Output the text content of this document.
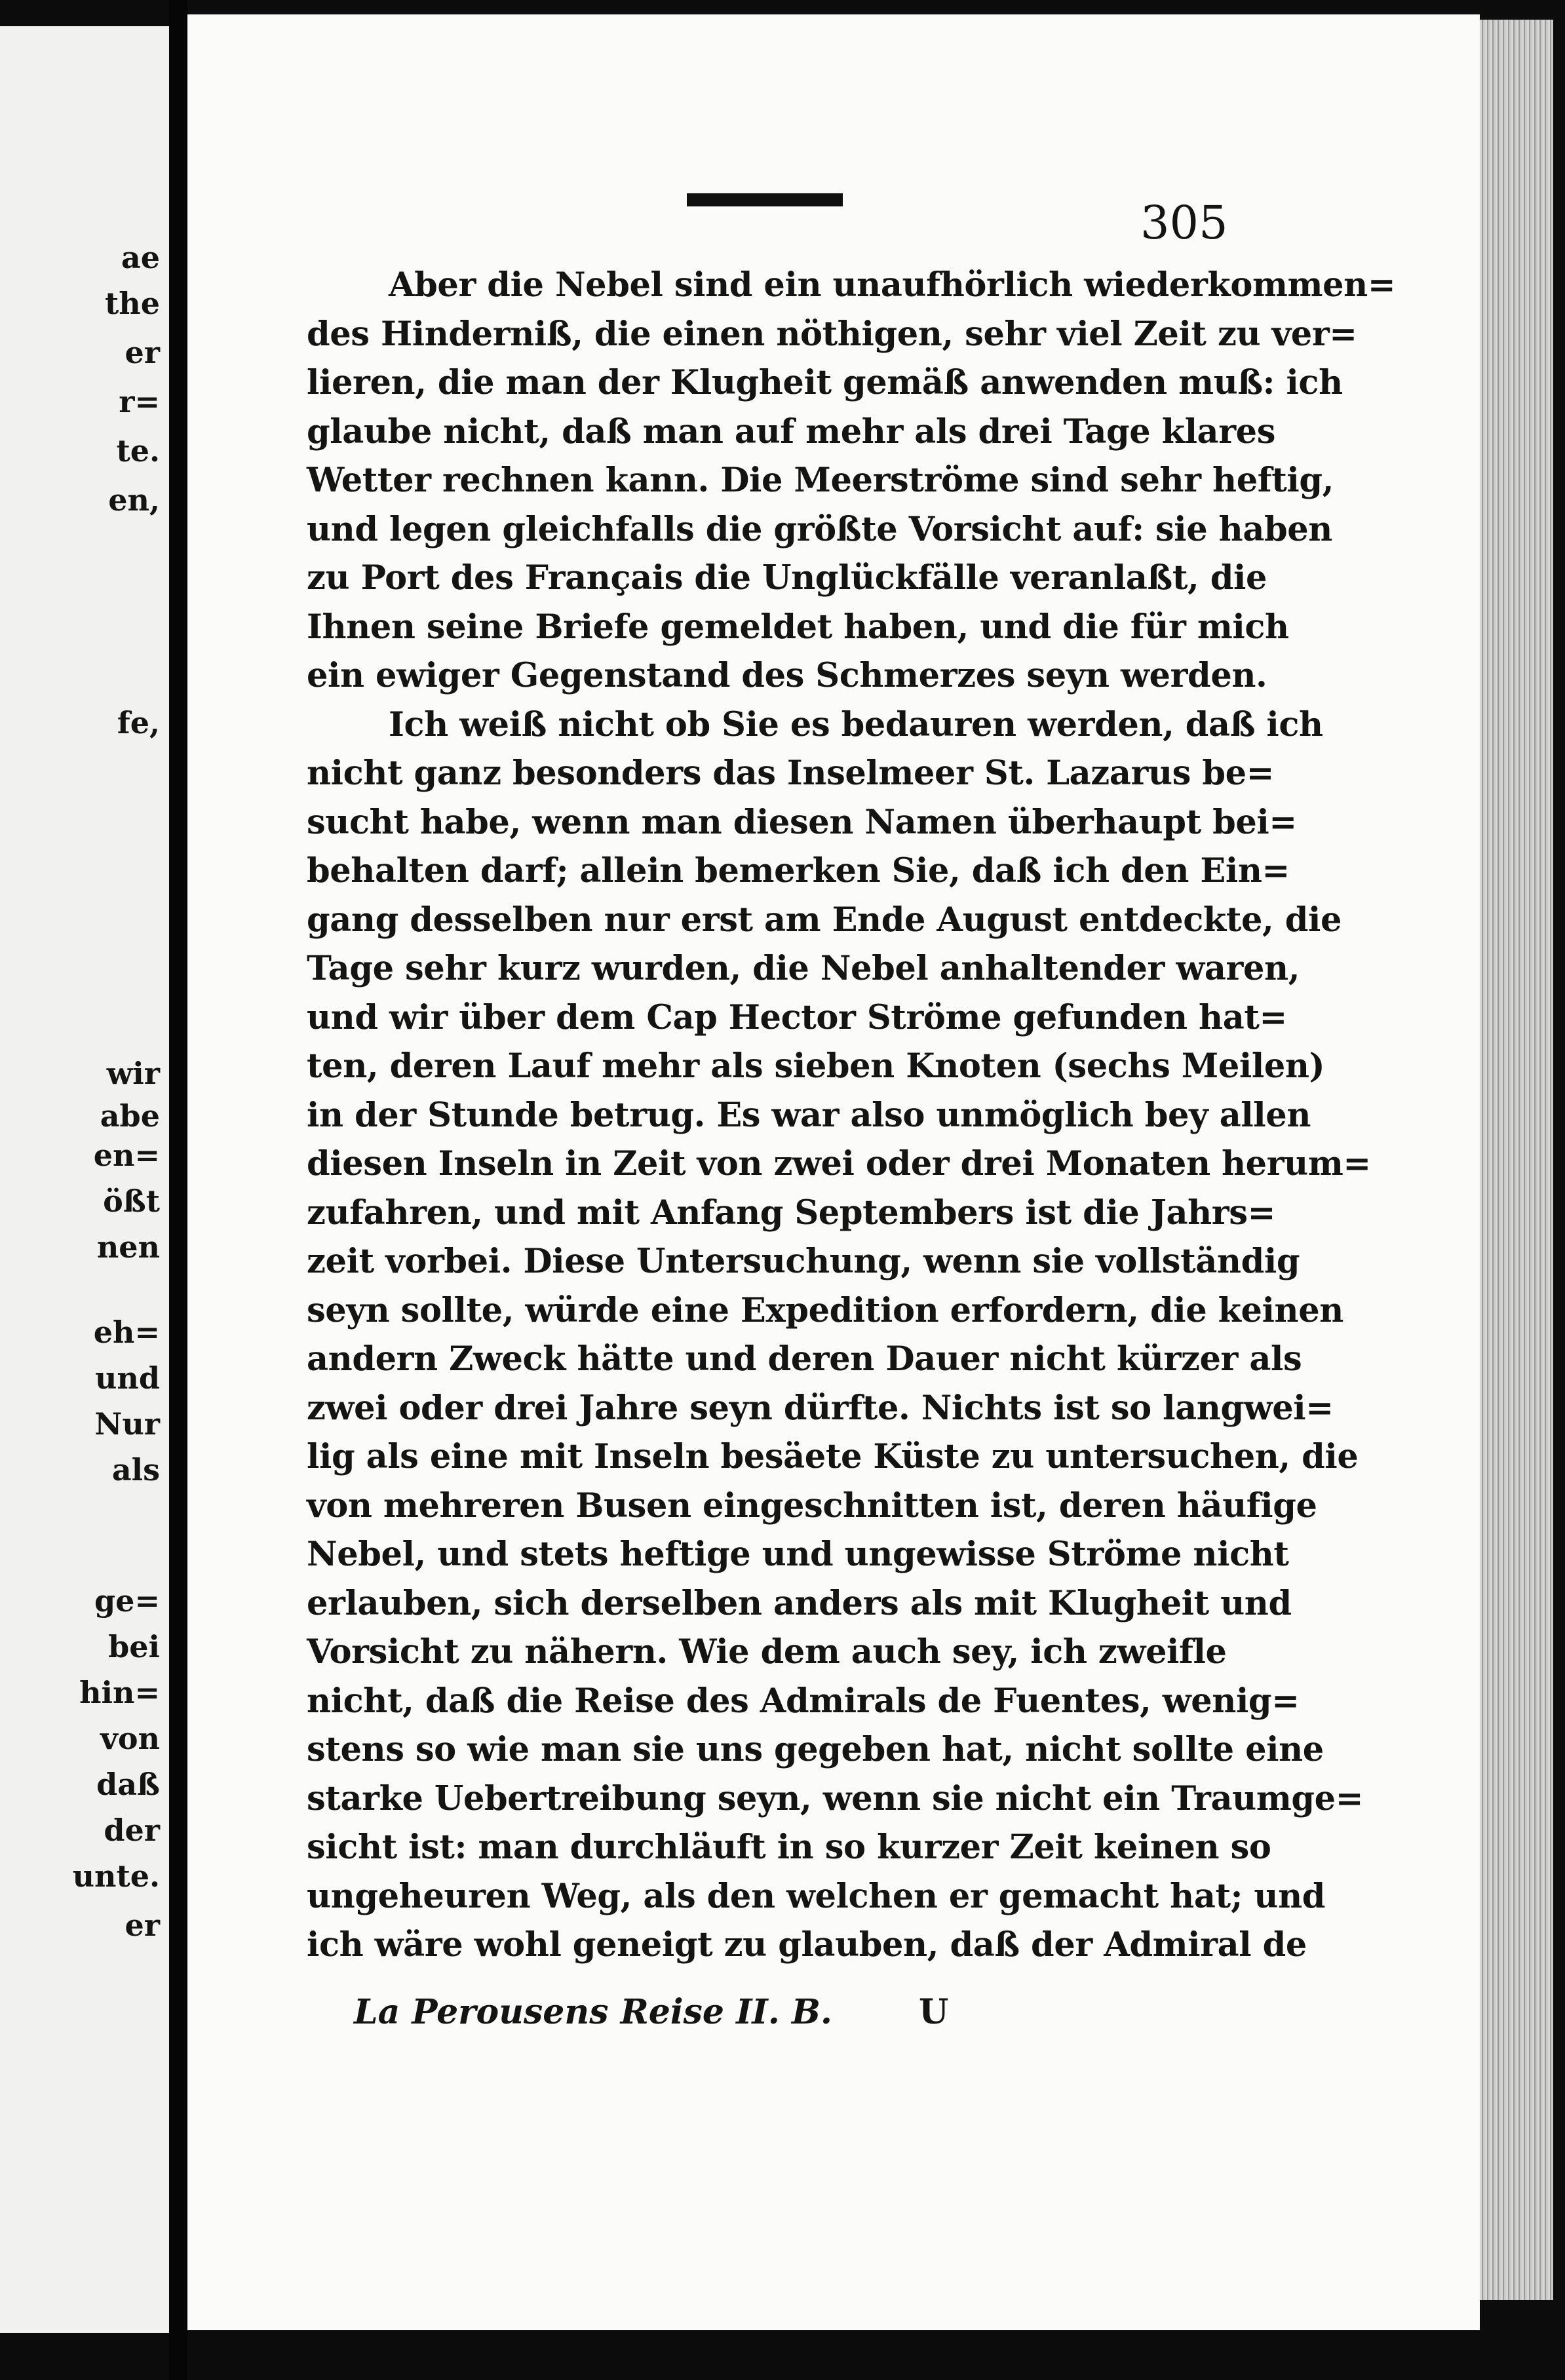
ae
the
er
r=
te.
en,
fe,
wir
abe
en=
ößt
nen
eh=
und
Nur
als
ge=
bei
hin=
von
daß
der
unte.
er
305
Aber die Nebel sind ein unaufhörlich wiederkommen=
des Hinderniß, die einen nöthigen, sehr viel Zeit zu ver=
lieren, die man der Klugheit gemäß anwenden muß: ich
glaube nicht, daß man auf mehr als drei Tage klares
Wetter rechnen kann. Die Meerströme sind sehr heftig,
und legen gleichfalls die größte Vorsicht auf: sie haben
zu Port des Français die Unglückfälle veranlaßt, die
Ihnen seine Briefe gemeldet haben, und die für mich
ein ewiger Gegenstand des Schmerzes seyn werden.
Ich weiß nicht ob Sie es bedauren werden, daß ich
nicht ganz besonders das Inselmeer St. Lazarus be=
sucht habe, wenn man diesen Namen überhaupt bei=
behalten darf; allein bemerken Sie, daß ich den Ein=
gang desselben nur erst am Ende August entdeckte, die
Tage sehr kurz wurden, die Nebel anhaltender waren,
und wir über dem Cap Hector Ströme gefunden hat=
ten, deren Lauf mehr als sieben Knoten (sechs Meilen)
in der Stunde betrug. Es war also unmöglich bey allen
diesen Inseln in Zeit von zwei oder drei Monaten herum=
zufahren, und mit Anfang Septembers ist die Jahrs=
zeit vorbei. Diese Untersuchung, wenn sie vollständig
seyn sollte, würde eine Expedition erfordern, die keinen
andern Zweck hätte und deren Dauer nicht kürzer als
zwei oder drei Jahre seyn dürfte. Nichts ist so langwei=
lig als eine mit Inseln besäete Küste zu untersuchen, die
von mehreren Busen eingeschnitten ist, deren häufige
Nebel, und stets heftige und ungewisse Ströme nicht
erlauben, sich derselben anders als mit Klugheit und
Vorsicht zu nähern. Wie dem auch sey, ich zweifle
nicht, daß die Reise des Admirals de Fuentes, wenig=
stens so wie man sie uns gegeben hat, nicht sollte eine
starke Uebertreibung seyn, wenn sie nicht ein Traumge=
sicht ist: man durchläuft in so kurzer Zeit keinen so
ungeheuren Weg, als den welchen er gemacht hat; und
ich wäre wohl geneigt zu glauben, daß der Admiral de
La Perousens Reise II. B.	U
